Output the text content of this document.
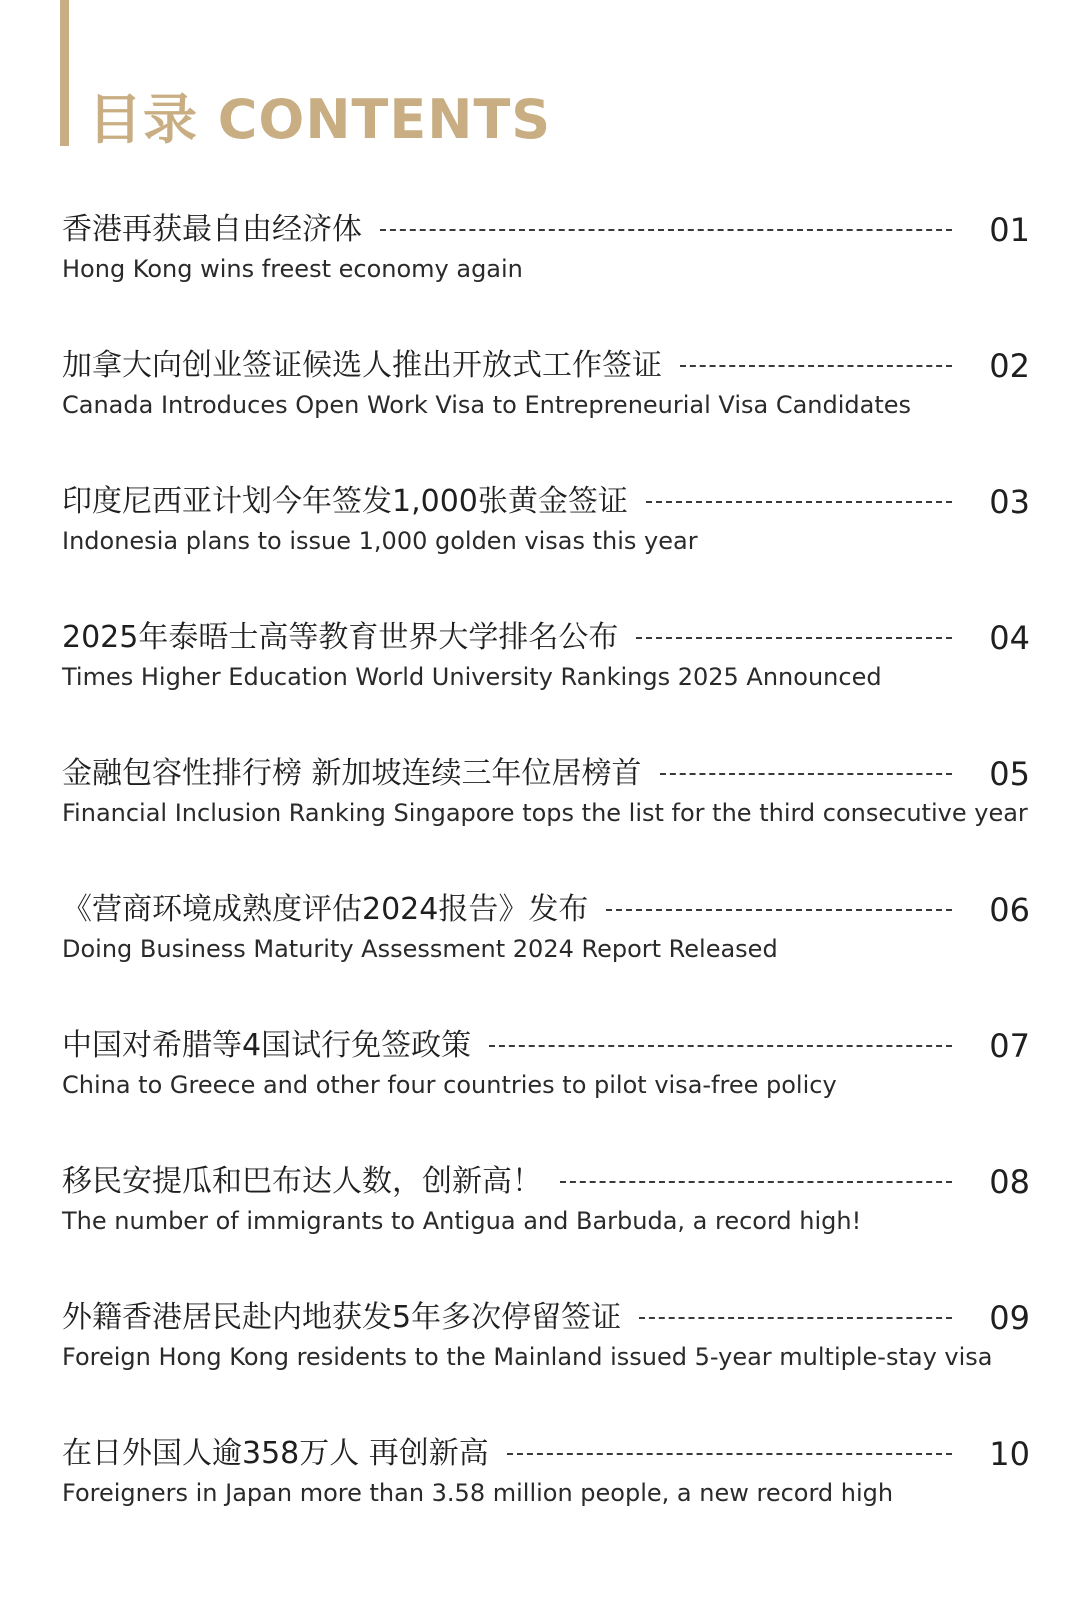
目录 CONTENTS
香港再获最自由经济体	01
Hong Kong wins freest economy again
加拿大向创业签证候选人推出开放式工作签证	02
Canada Introduces Open Work Visa to Entrepreneurial Visa Candidates
印度尼西亚计划今年签发1,000张黄金签证	03
Indonesia plans to issue 1,000 golden visas this year
2025年泰晤士高等教育世界大学排名公布	04
Times Higher Education World University Rankings 2025 Announced
金融包容性排行榜 新加坡连续三年位居榜首	05
Financial Inclusion Ranking Singapore tops the list for the third consecutive year
《营商环境成熟度评估2024报告》发布	06
Doing Business Maturity Assessment 2024 Report Released
中国对希腊等4国试行免签政策	07
China to Greece and other four countries to pilot visa-free policy
移民安提瓜和巴布达人数，创新高！	08
The number of immigrants to Antigua and Barbuda, a record high!
外籍香港居民赴内地获发5年多次停留签证	09
Foreign Hong Kong residents to the Mainland issued 5-year multiple-stay visa
在日外国人逾358万人 再创新高	10
Foreigners in Japan more than 3.58 million people, a new record high
